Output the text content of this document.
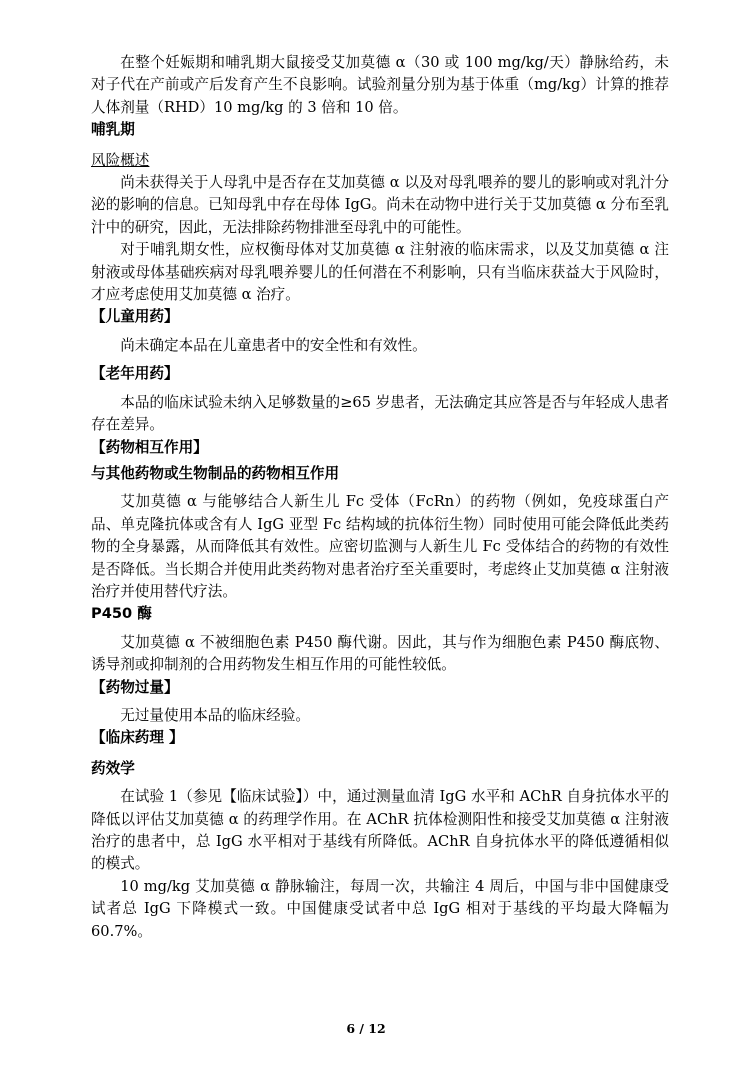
在整个妊娠期和哺乳期大鼠接受艾加莫德 α（30 或 100 mg/kg/天）静脉给药，未对子代在产前或产后发育产生不良影响。试验剂量分别为基于体重（mg/kg）计算的推荐人体剂量（RHD）10 mg/kg 的 3 倍和 10 倍。

哺乳期

风险概述

尚未获得关于人母乳中是否存在艾加莫德 α 以及对母乳喂养的婴儿的影响或对乳汁分泌的影响的信息。已知母乳中存在母体 IgG。尚未在动物中进行关于艾加莫德 α 分布至乳汁中的研究，因此，无法排除药物排泄至母乳中的可能性。

对于哺乳期女性，应权衡母体对艾加莫德 α 注射液的临床需求，以及艾加莫德 α 注射液或母体基础疾病对母乳喂养婴儿的任何潜在不利影响，只有当临床获益大于风险时，才应考虑使用艾加莫德 α 治疗。

【儿童用药】

尚未确定本品在儿童患者中的安全性和有效性。

【老年用药】

本品的临床试验未纳入足够数量的≥65 岁患者，无法确定其应答是否与年轻成人患者存在差异。

【药物相互作用】

与其他药物或生物制品的药物相互作用

艾加莫德 α 与能够结合人新生儿 Fc 受体（FcRn）的药物（例如，免疫球蛋白产品、单克隆抗体或含有人 IgG 亚型 Fc 结构域的抗体衍生物）同时使用可能会降低此类药物的全身暴露，从而降低其有效性。应密切监测与人新生儿 Fc 受体结合的药物的有效性是否降低。当长期合并使用此类药物对患者治疗至关重要时，考虑终止艾加莫德 α 注射液治疗并使用替代疗法。

P450 酶

艾加莫德 α 不被细胞色素 P450 酶代谢。因此，其与作为细胞色素 P450 酶底物、诱导剂或抑制剂的合用药物发生相互作用的可能性较低。

【药物过量】

无过量使用本品的临床经验。

【临床药理 】

药效学

在试验 1（参见【临床试验】）中，通过测量血清 IgG 水平和 AChR 自身抗体水平的降低以评估艾加莫德 α 的药理学作用。在 AChR 抗体检测阳性和接受艾加莫德 α 注射液治疗的患者中，总 IgG 水平相对于基线有所降低。AChR 自身抗体水平的降低遵循相似的模式。

10 mg/kg 艾加莫德 α 静脉输注，每周一次，共输注 4 周后，中国与非中国健康受试者总 IgG 下降模式一致。中国健康受试者中总 IgG 相对于基线的平均最大降幅为 60.7%。

6 / 12
